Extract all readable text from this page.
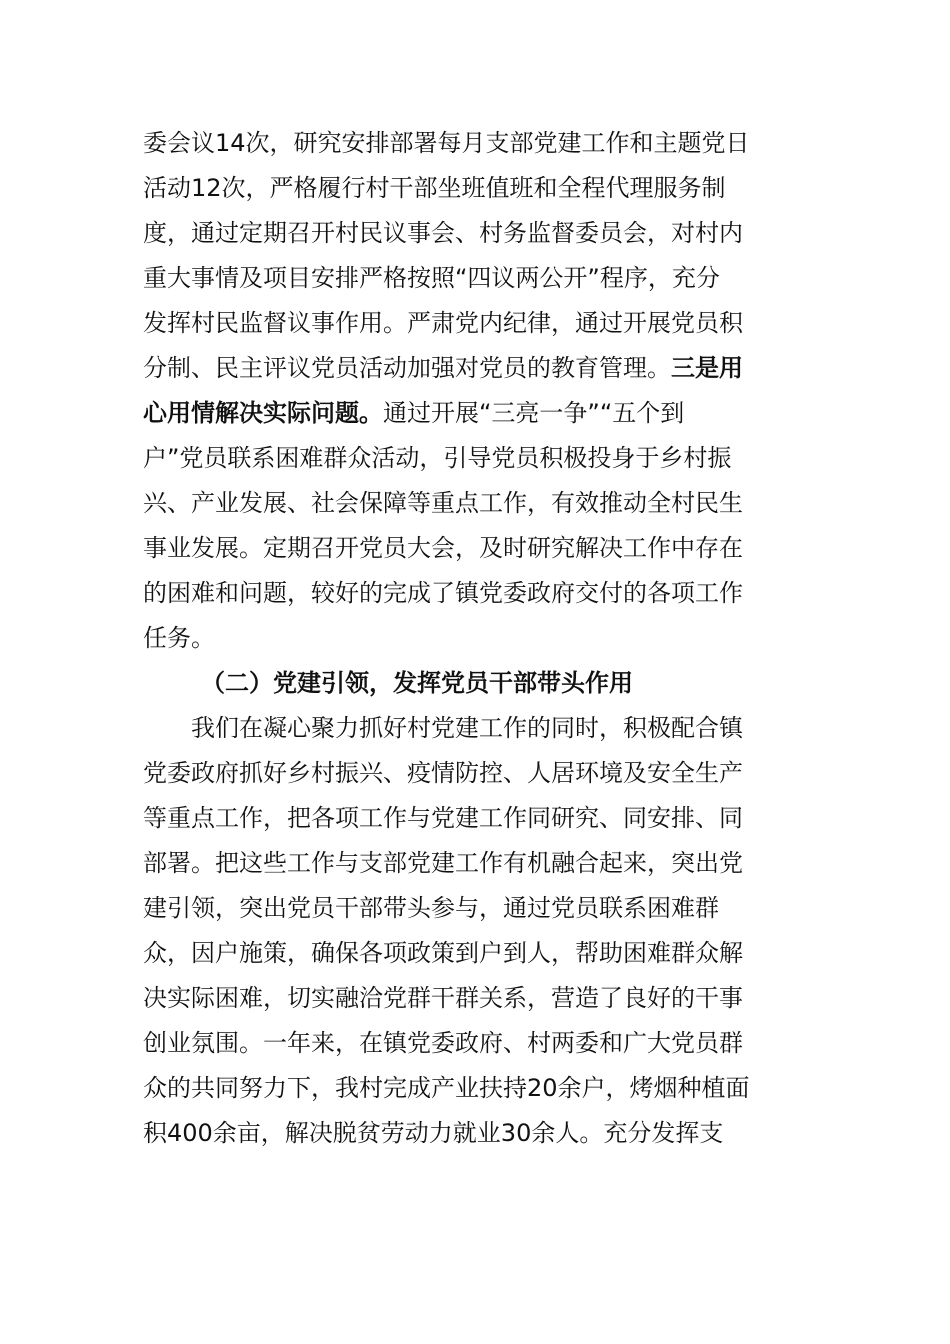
委会议14次，研究安排部署每月支部党建工作和主题党日
活动12次，严格履行村干部坐班值班和全程代理服务制
度，通过定期召开村民议事会、村务监督委员会，对村内
重大事情及项目安排严格按照“四议两公开”程序，充分
发挥村民监督议事作用。严肃党内纪律，通过开展党员积
分制、民主评议党员活动加强对党员的教育管理。三是用
心用情解决实际问题。通过开展“三亮一争”“五个到
户”党员联系困难群众活动，引导党员积极投身于乡村振
兴、产业发展、社会保障等重点工作，有效推动全村民生
事业发展。定期召开党员大会，及时研究解决工作中存在
的困难和问题，较好的完成了镇党委政府交付的各项工作
任务。
（二）党建引领，发挥党员干部带头作用
我们在凝心聚力抓好村党建工作的同时，积极配合镇
党委政府抓好乡村振兴、疫情防控、人居环境及安全生产
等重点工作，把各项工作与党建工作同研究、同安排、同
部署。把这些工作与支部党建工作有机融合起来，突出党
建引领，突出党员干部带头参与，通过党员联系困难群
众，因户施策，确保各项政策到户到人，帮助困难群众解
决实际困难，切实融洽党群干群关系，营造了良好的干事
创业氛围。一年来，在镇党委政府、村两委和广大党员群
众的共同努力下，我村完成产业扶持20余户，烤烟种植面
积400余亩，解决脱贫劳动力就业30余人。充分发挥支
